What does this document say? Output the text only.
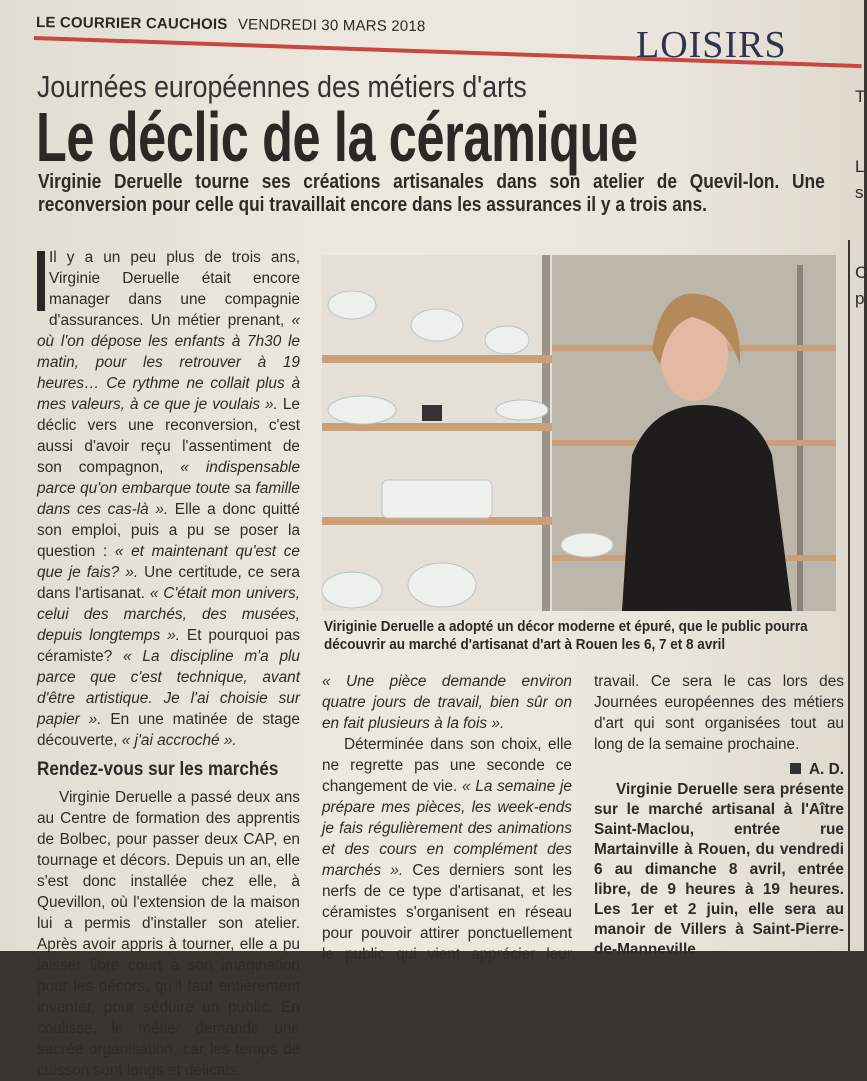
LE COURRIER CAUCHOIS VENDREDI 30 MARS 2018	LOISIRS
Journées européennes des métiers d'arts
Le déclic de la céramique
Virginie Deruelle tourne ses créations artisanales dans son atelier de Quevil-lon. Une reconversion pour celle qui travaillait encore dans les assurances il y a trois ans.

Il y a un peu plus de trois ans, Virginie Deruelle était encore manager dans une compagnie d'assurances. Un métier prenant, « où l'on dépose les enfants à 7h30 le matin, pour les retrouver à 19 heures… Ce rythme ne collait plus à mes valeurs, à ce que je voulais ». Le déclic vers une reconversion, c'est aussi d'avoir reçu l'assentiment de son compagnon, « indispensable parce qu'on embarque toute sa famille dans ces cas-là ». Elle a donc quitté son emploi, puis a pu se poser la question : « et maintenant qu'est ce que je fais? ». Une certitude, ce sera dans l'artisanat. « C'était mon univers, celui des marchés, des musées, depuis longtemps ». Et pourquoi pas céramiste? « La discipline m'a plu parce que c'est technique, avant d'être artistique. Je l'ai choisie sur papier ». En une matinée de stage découverte, « j'ai accroché ».

Rendez-vous sur les marchés

Virginie Deruelle a passé deux ans au Centre de formation des apprentis de Bolbec, pour passer deux CAP, en tournage et décors. Depuis un an, elle s'est donc installée chez elle, à Quevillon, où l'extension de la maison lui a permis d'installer son atelier. Après avoir appris à tourner, elle a pu laisser libre court à son imagination pour les décors, qu'il faut entièrement inventer, pour séduire un public. En coulisse, le métier demande une sacrée organisation, car les temps de cuisson sont longs et délicats.

Viriginie Deruelle a adopté un décor moderne et épuré, que le public pourra découvrir au marché d'artisanat d'art à Rouen les 6, 7 et 8 avril

« Une pièce demande environ quatre jours de travail, bien sûr on en fait plusieurs à la fois ».

Déterminée dans son choix, elle ne regrette pas une seconde ce changement de vie. « La semaine je prépare mes pièces, les week-ends je fais régulièrement des animations et des cours en complément des marchés ». Ces derniers sont les nerfs de ce type d'artisanat, et les céramistes s'organisent en réseau pour pouvoir attirer ponctuellement le public qui vient apprécier leur travail. Ce sera le cas lors des Journées européennes des métiers d'art qui sont organisées tout au long de la semaine prochaine.

A. D.

Virginie Deruelle sera présente sur le marché artisanal à l'Aître Saint-Maclou, entrée rue Martainville à Rouen, du vendredi 6 au dimanche 8 avril, entrée libre, de 9 heures à 19 heures. Les 1er et 2 juin, elle sera au manoir de Villers à Saint-Pierre-de-Manneville

T
L
s
C
p
